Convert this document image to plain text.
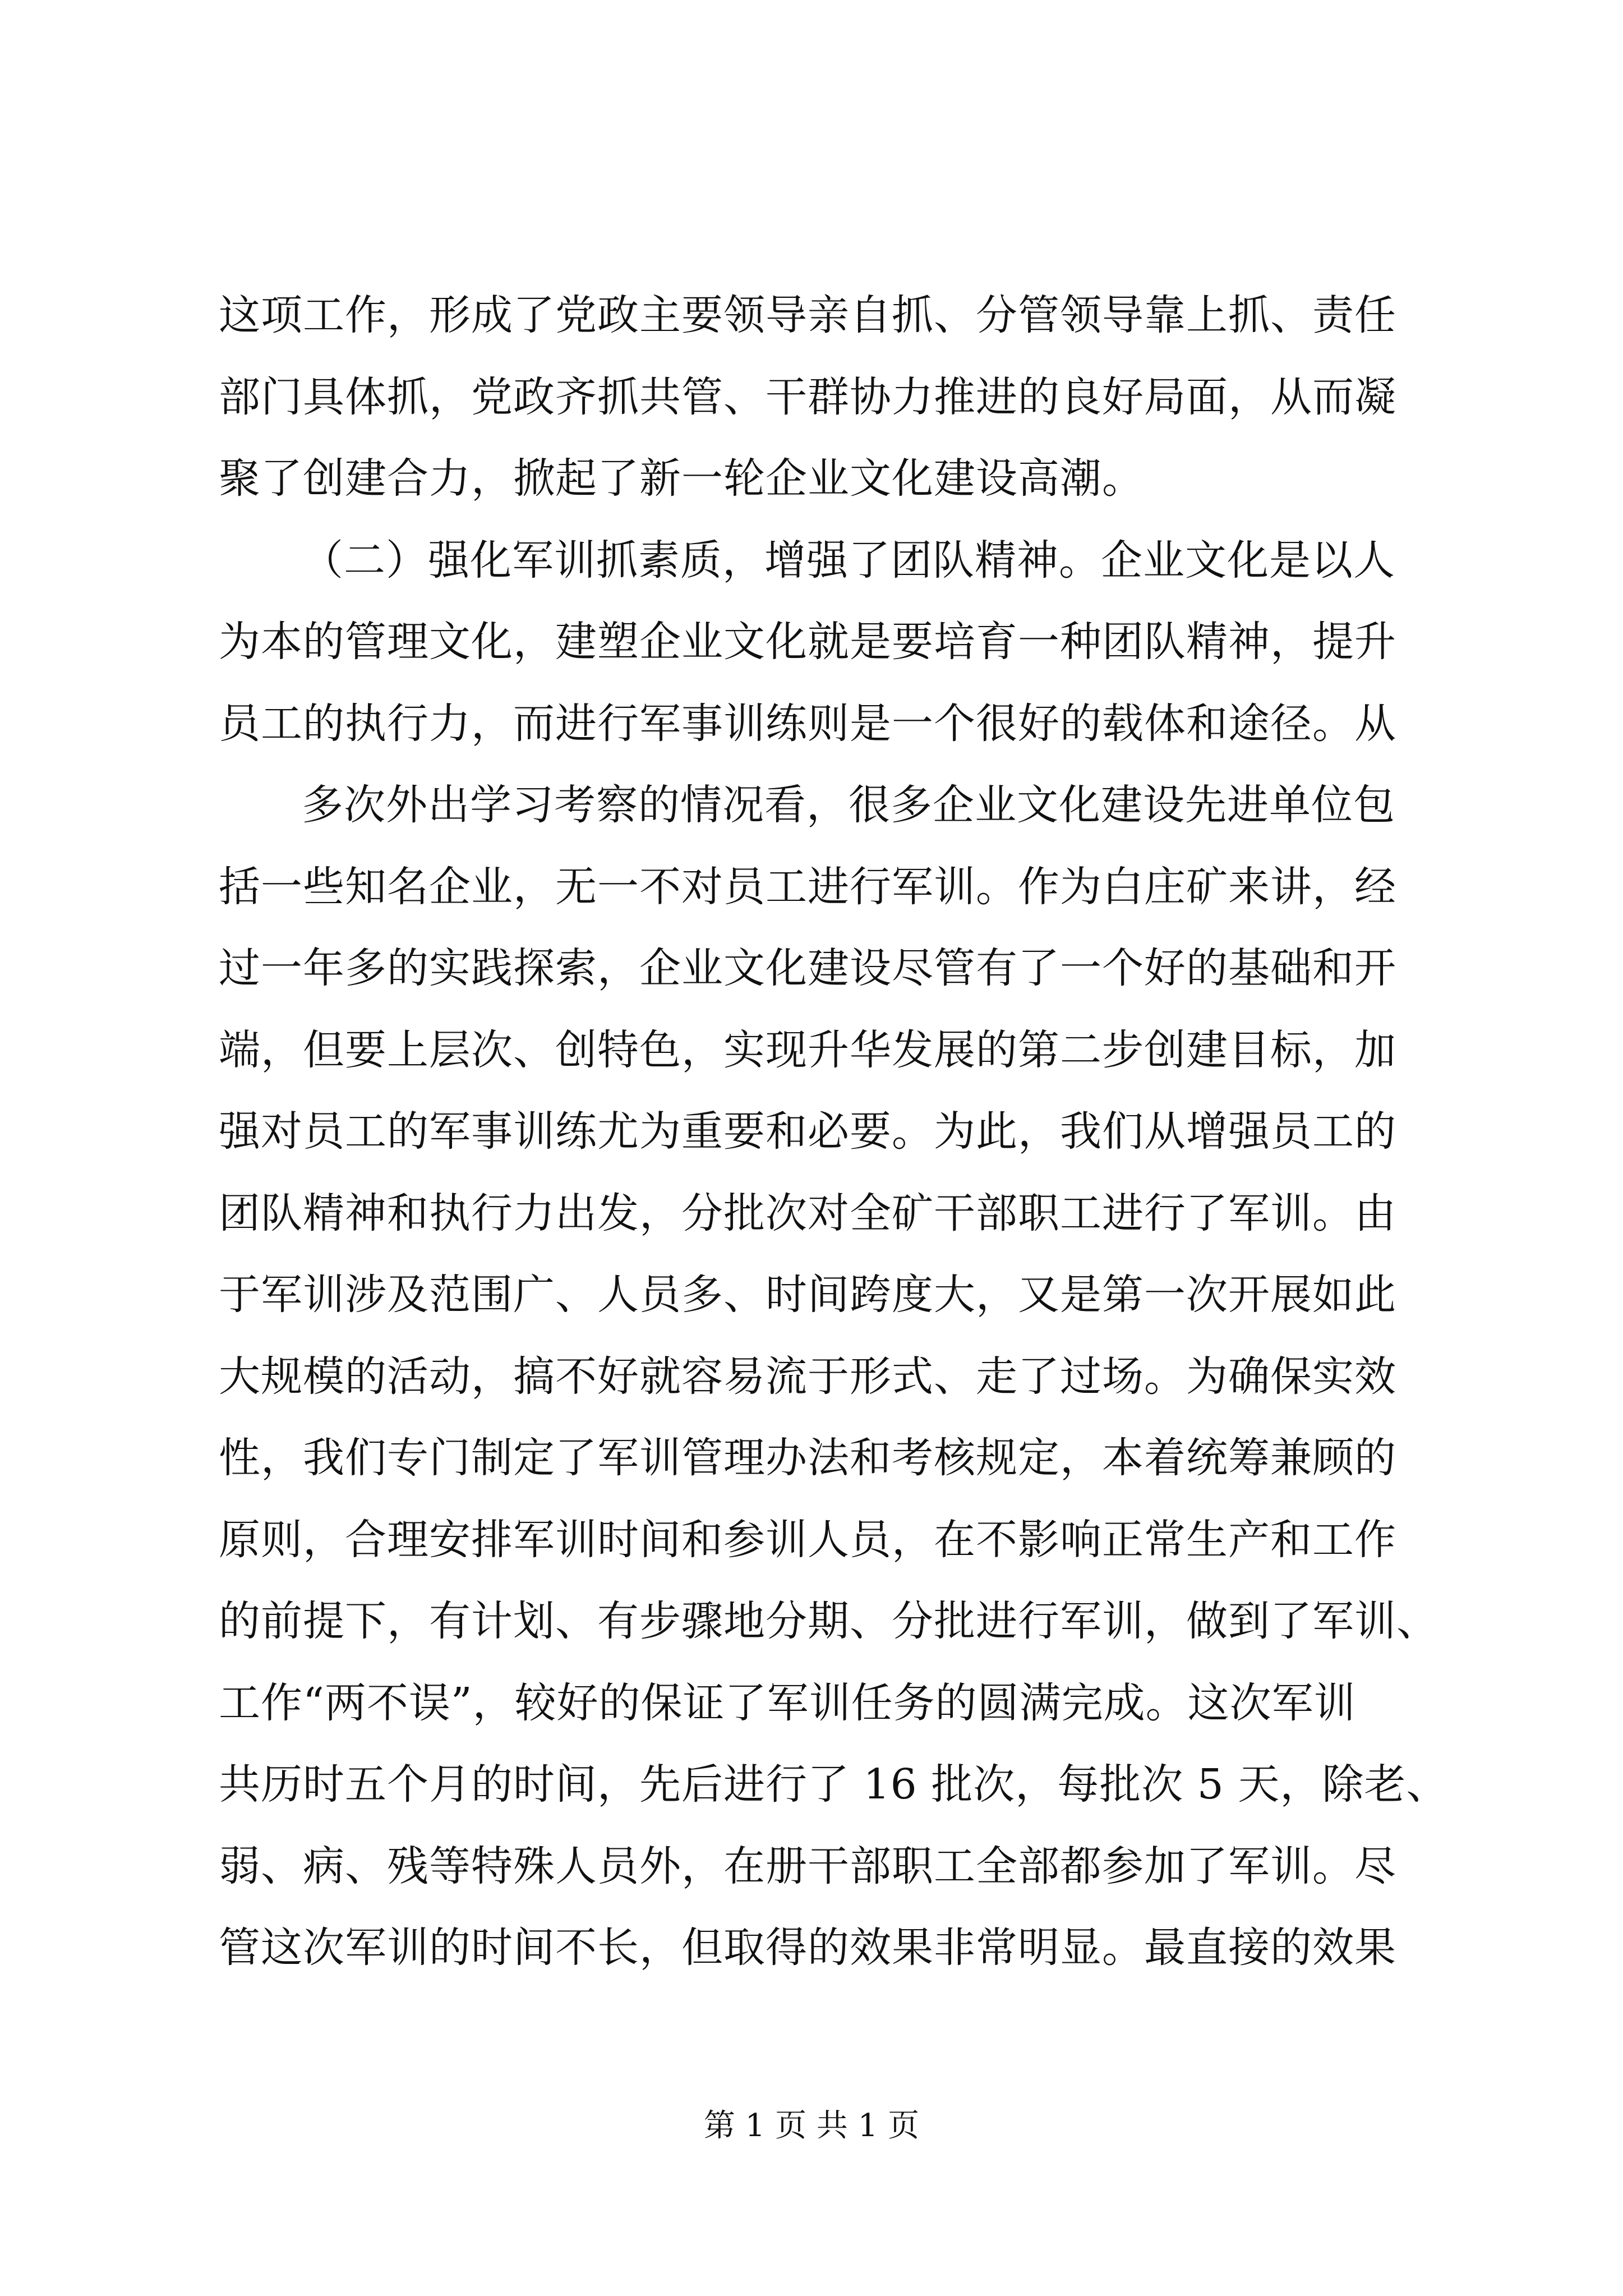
这项工作，形成了党政主要领导亲自抓、分管领导靠上抓、责任
部门具体抓，党政齐抓共管、干群协力推进的良好局面，从而凝
聚了创建合力，掀起了新一轮企业文化建设高潮。
（二）强化军训抓素质，增强了团队精神。企业文化是以人
为本的管理文化，建塑企业文化就是要培育一种团队精神，提升
员工的执行力，而进行军事训练则是一个很好的载体和途径。从
多次外出学习考察的情况看，很多企业文化建设先进单位包
括一些知名企业，无一不对员工进行军训。作为白庄矿来讲，经
过一年多的实践探索，企业文化建设尽管有了一个好的基础和开
端，但要上层次、创特色，实现升华发展的第二步创建目标，加
强对员工的军事训练尤为重要和必要。为此，我们从增强员工的
团队精神和执行力出发，分批次对全矿干部职工进行了军训。由
于军训涉及范围广、人员多、时间跨度大，又是第一次开展如此
大规模的活动，搞不好就容易流于形式、走了过场。为确保实效
性，我们专门制定了军训管理办法和考核规定，本着统筹兼顾的
原则，合理安排军训时间和参训人员，在不影响正常生产和工作
的前提下，有计划、有步骤地分期、分批进行军训，做到了军训、
工作“两不误”，较好的保证了军训任务的圆满完成。这次军训
共历时五个月的时间，先后进行了 16 批次，每批次 5 天，除老、
弱、病、残等特殊人员外，在册干部职工全部都参加了军训。尽
管这次军训的时间不长，但取得的效果非常明显。最直接的效果
第 1 页 共 1 页
